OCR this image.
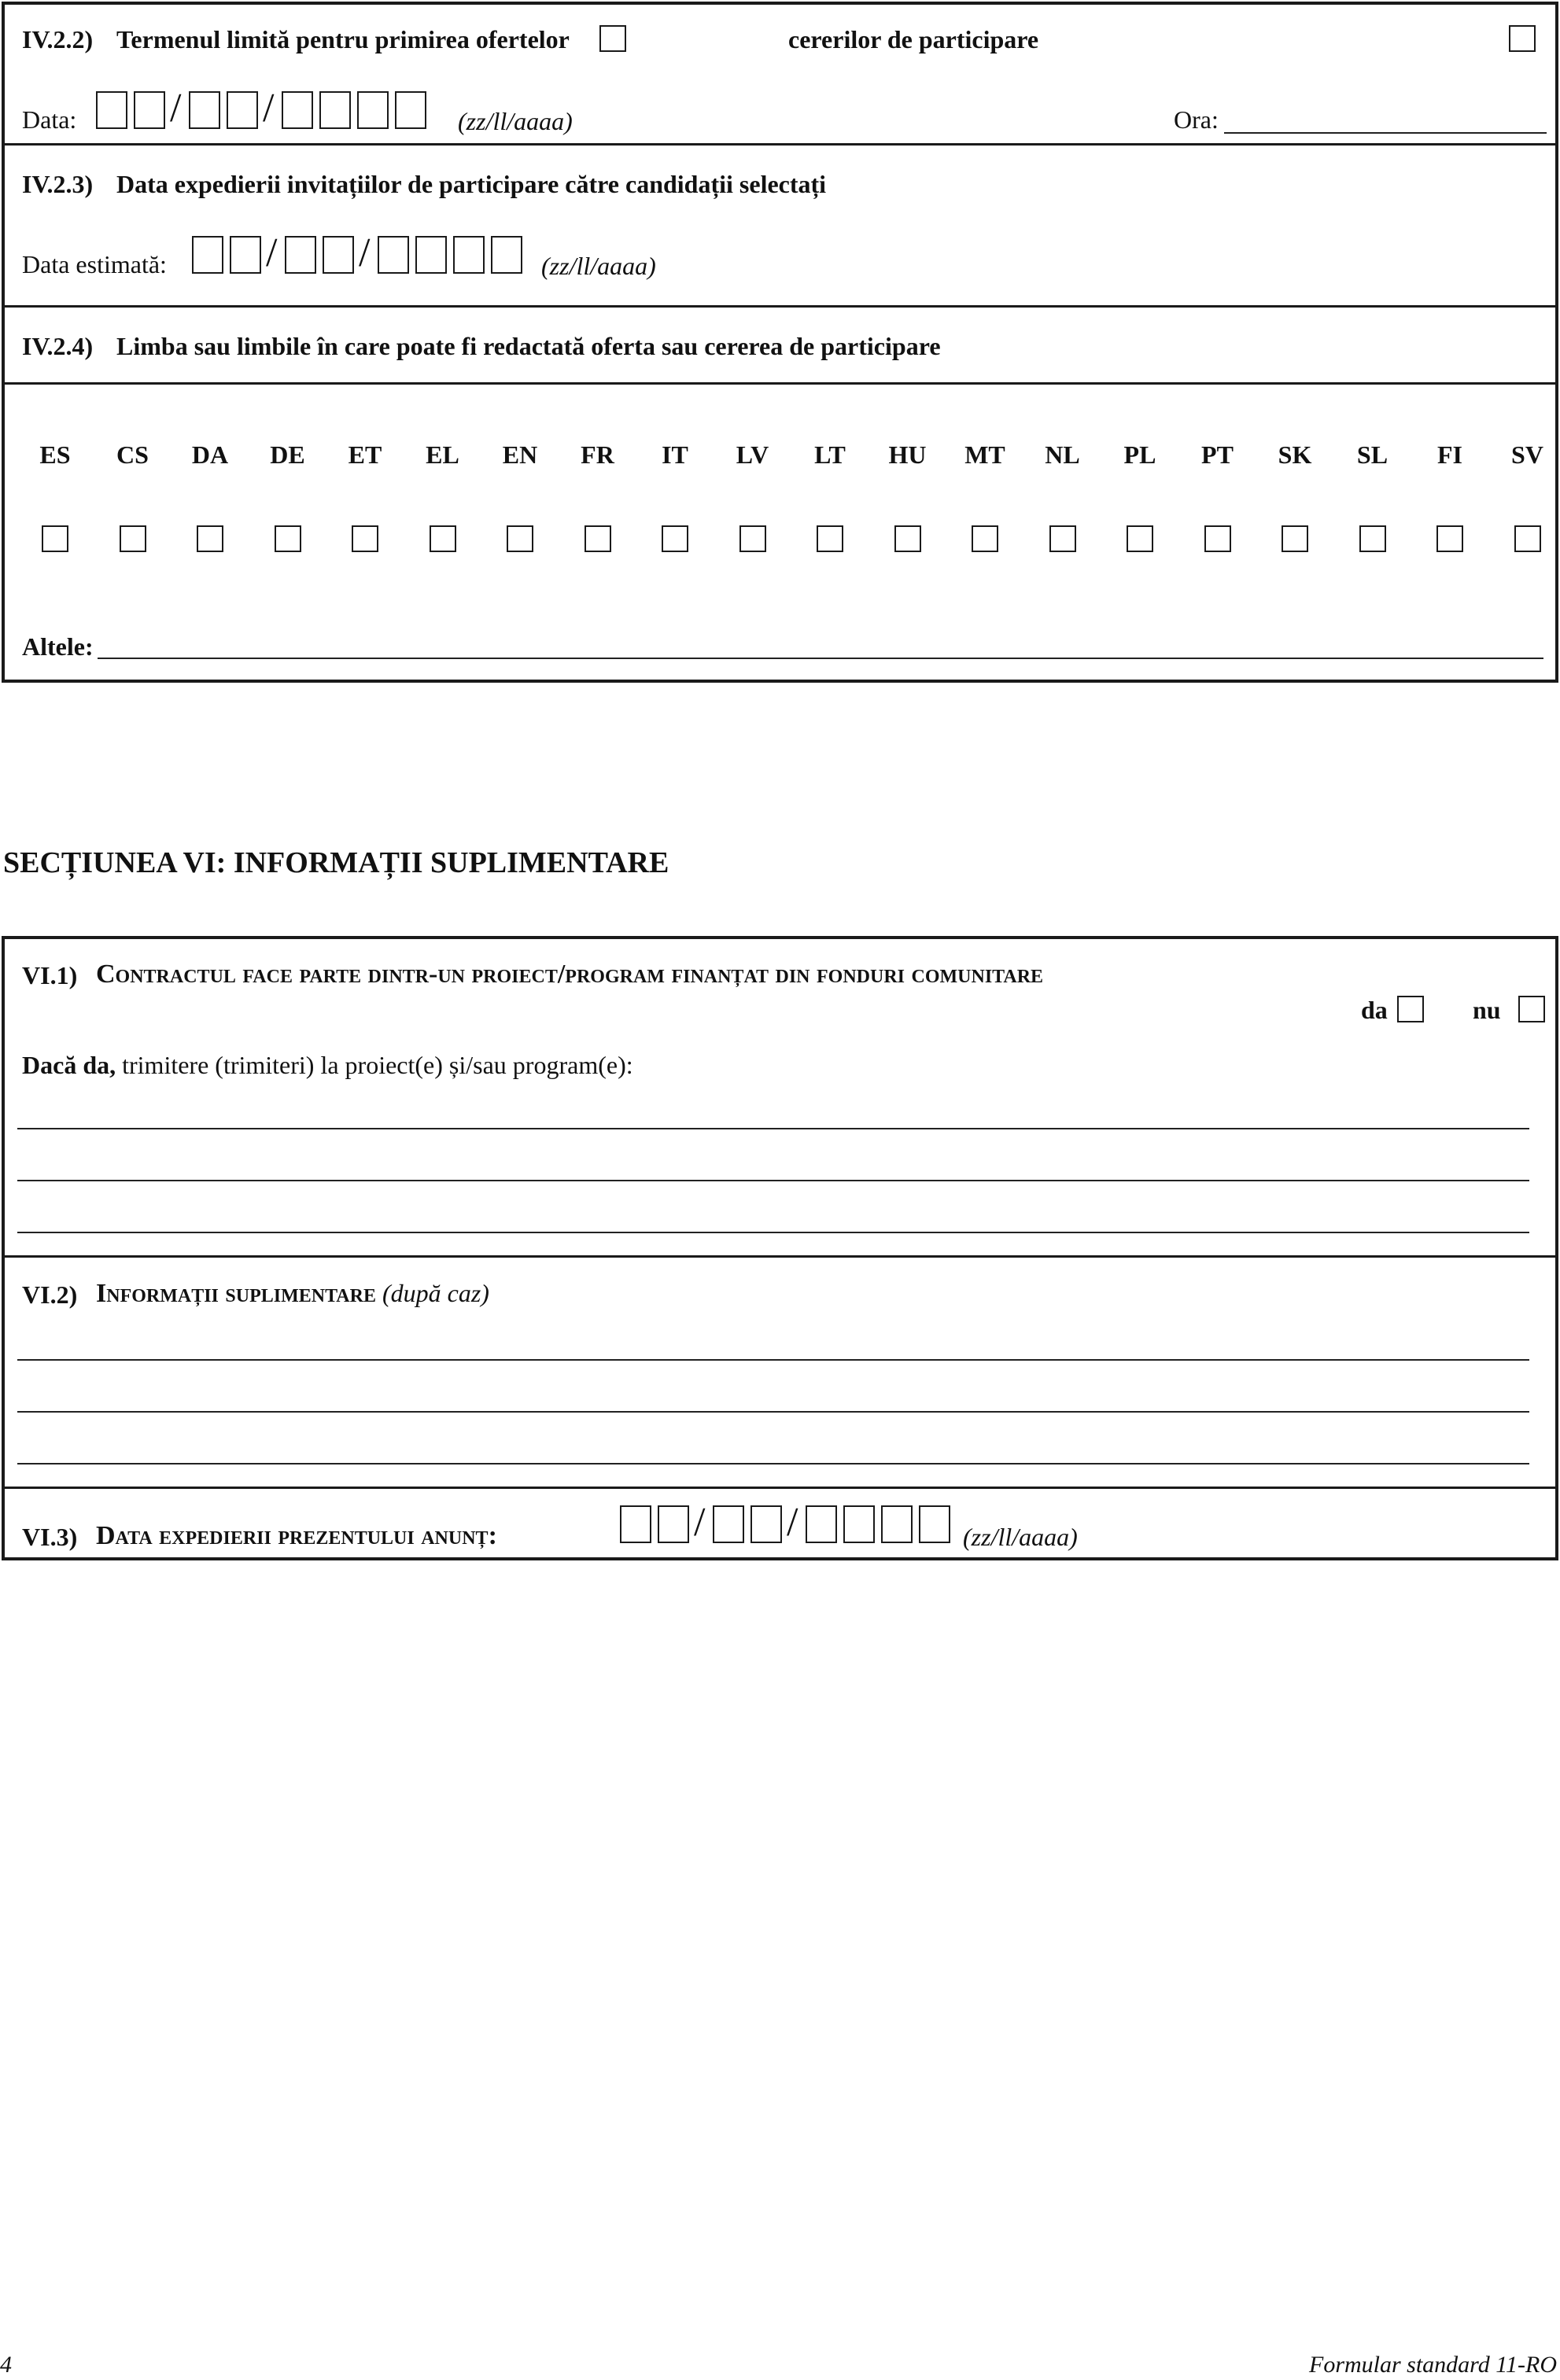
IV.2.2) Termenul limită pentru primirea ofertelor	cererilor de participare
Data: / /	(zz/ll/aaaa)	Ora:
IV.2.3) Data expedierii invitațiilor de participare către candidații selectați
Data estimată: / /	(zz/ll/aaaa)
IV.2.4) Limba sau limbile în care poate fi redactată oferta sau cererea de participare
ES	CS	DA	DE	ET	EL	EN	FR	IT	LV	LT	HU	MT	NL	PL	PT	SK	SL	FI	SV
Altele:
SECȚIUNEA VI: INFORMAȚII SUPLIMENTARE
VI.1) Contractul face parte dintr-un proiect/program finanțat din fonduri comunitare
da	nu
Dacă da, trimitere (trimiteri) la proiect(e) și/sau program(e):
VI.2) Informații suplimentare (după caz)
VI.3) Data expedierii prezentului anunț:	/ /	(zz/ll/aaaa)
4	Formular standard 11-RO
